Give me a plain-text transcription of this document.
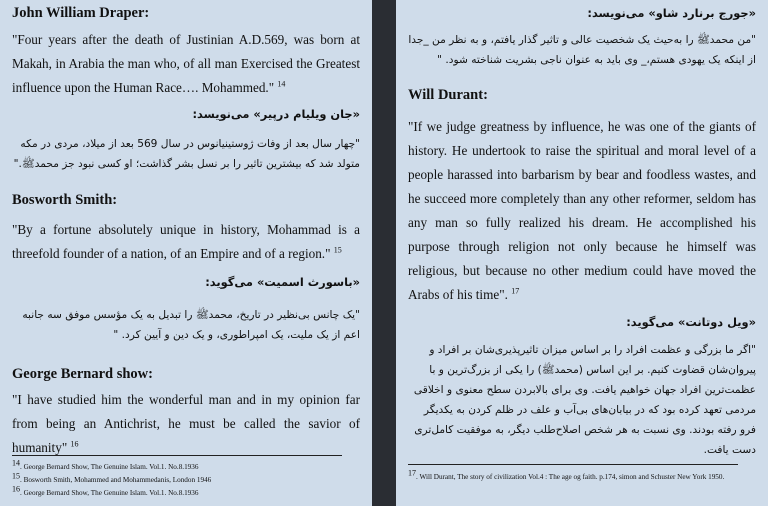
John William Draper:
"Four years after the death of Justinian A.D.569, was born at Makah, in Arabia the man who, of all man Exercised the Greatest influence upon the Human Race…. Mohammed." $^{14}$
«جان ویلیام درپیر» می‌نویسد:
"چهار سال بعد از وفات ژوستینیانوس در سال 569 بعد از میلاد، مردی در مکه متولد شد که بیشترین تاثیر را بر نسل بشر گذاشت؛ او کسی نبود جز محمدﷺ."
Bosworth Smith:
"By a fortune absolutely unique in history, Mohammad is a threefold founder of a nation, of an Empire and of a region." $^{15}$
«باسورث اسمیت» می‌گوید:
"یک چانس بی‌نظیر در تاریخ، محمدﷺ را تبدیل به یک مؤسس موفق سه جانبه اعم از یک ملیت، یک امپراطوری، و یک دین و آیین کرد. "
George Bernard show:
"I have studied him the wonderful man and in my opinion far from being an Antichrist, he must be called the savior of humanity" $^{16}$
$^{14}$. George Bernard Show, The Genuine Islam. Vol.1. No.8.1936
$^{15}$. Bosworth Smith, Mohammed and Mohammedanis, London 1946
$^{16}$. George Bernard Show, The Genuine Islam. Vol.1. No.8.1936
«جورج برنارد شاو» می‌نویسد:
"من محمدﷺ را به‌حیث یک شخصیت عالی و تاثیر گذار یافتم، و به نظر من _جدا از اینکه یک یهودی هستم،_ وی باید به عنوان ناجی بشریت شناخته شود. "
Will Durant:
"If we judge greatness by influence, he was one of the giants of history. He undertook to raise the spiritual and moral level of a people harassed into barbarism by bear and foodless wastes, and he succeed more completely than any other reformer, seldom has any man so fully realized his dream. He accomplished his purpose through religion not only because he himself was religious, but because no other medium could have moved the Arabs of his time". $^{17}$
«ویل دوتانت» می‌گوید:
"اگر ما بزرگی و عظمت افراد را بر اساس میزان تاثیرپذیری‌شان بر افراد و پیروان‌شان قضاوت کنیم. بر این اساس (محمدﷺ) را یکی از بزرگ‌ترین و با عظمت‌ترین افراد جهان خواهیم یافت. وی برای بالابردن سطح معنوی و اخلاقی مردمی تعهد کرده بود که در بیابان‌های بی‌آب و علف در ظلم کردن به یکدیگر فرو رفته بودند. وی نسبت به هر شخص اصلاح‌طلب دیگر، به موفقیت کامل‌تری دست یافت.
$^{17}$. Will Durant, The story of civilization Vol.4 : The age og faith. p.174, simon and Schuster New York 1950.
